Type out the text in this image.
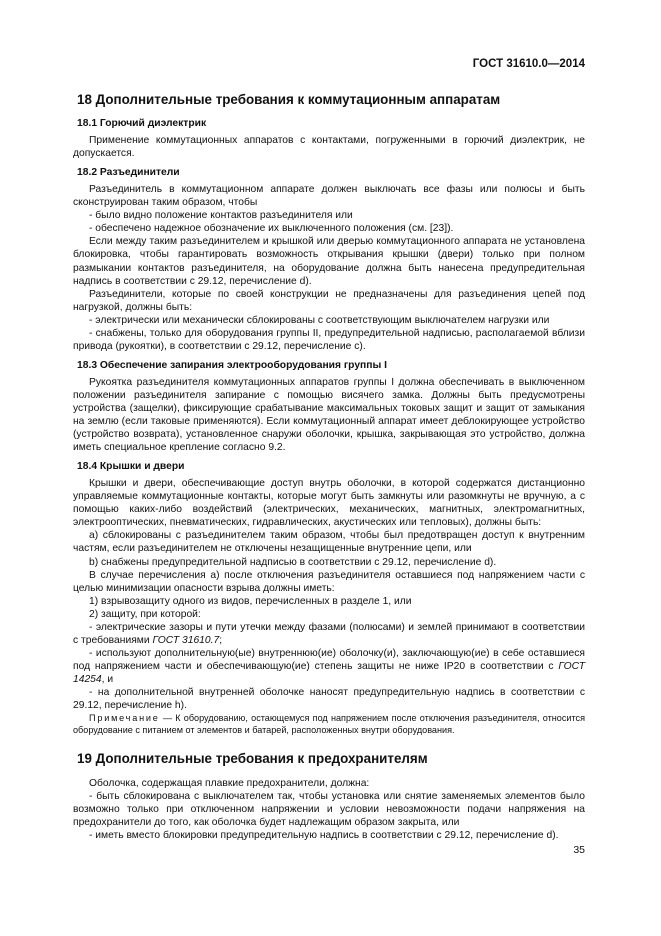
ГОСТ 31610.0—2014
18 Дополнительные требования к коммутационным аппаратам
18.1 Горючий диэлектрик

Применение коммутационных аппаратов с контактами, погруженными в горючий диэлектрик, не допускается.

18.2 Разъединители

Разъединитель в коммутационном аппарате должен выключать все фазы или полюсы и быть сконструирован таким образом, чтобы

- было видно положение контактов разъединителя или

- обеспечено надежное обозначение их выключенного положения (см. [23]).

Если между таким разъединителем и крышкой или дверью коммутационного аппарата не установлена блокировка, чтобы гарантировать возможность открывания крышки (двери) только при полном размыкании контактов разъединителя, на оборудование должна быть нанесена предупредительная надпись в соответствии с 29.12, перечисление d).

Разъединители, которые по своей конструкции не предназначены для разъединения цепей под нагрузкой, должны быть:

- электрически или механически сблокированы с соответствующим выключателем нагрузки или

- снабжены, только для оборудования группы II, предупредительной надписью, располагаемой вблизи привода (рукоятки), в соответствии с 29.12, перечисление с).

18.3 Обеспечение запирания электрооборудования группы I

Рукоятка разъединителя коммутационных аппаратов группы I должна обеспечивать в выключенном положении разъединителя запирание с помощью висячего замка. Должны быть предусмотрены устройства (защелки), фиксирующие срабатывание максимальных токовых защит и защит от замыкания на землю (если таковые применяются). Если коммутационный аппарат имеет деблокирующее устройство (устройство возврата), установленное снаружи оболочки, крышка, закрывающая это устройство, должна иметь специальное крепление согласно 9.2.

18.4 Крышки и двери

Крышки и двери, обеспечивающие доступ внутрь оболочки, в которой содержатся дистанционно управляемые коммутационные контакты, которые могут быть замкнуты или разомкнуты не вручную, а с помощью каких-либо воздействий (электрических, механических, магнитных, электромагнитных, электрооптических, пневматических, гидравлических, акустических или тепловых), должны быть:

а) сблокированы с разъединителем таким образом, чтобы был предотвращен доступ к внутренним частям, если разъединителем не отключены незащищенные внутренние цепи, или

b) снабжены предупредительной надписью в соответствии с 29.12, перечисление d).

В случае перечисления а) после отключения разъединителя оставшиеся под напряжением части с целью минимизации опасности взрыва должны иметь:

1) взрывозащиту одного из видов, перечисленных в разделе 1, или

2) защиту, при которой:

- электрические зазоры и пути утечки между фазами (полюсами) и землей принимают в соответствии с требованиями ГОСТ 31610.7;

- используют дополнительную(ые) внутреннюю(ие) оболочку(и), заключающую(ие) в себе оставшиеся под напряжением части и обеспечивающую(ие) степень защиты не ниже IP20 в соответствии с ГОСТ 14254, и

- на дополнительной внутренней оболочке наносят предупредительную надпись в соответствии с 29.12, перечисление h).

Примечание — К оборудованию, остающемуся под напряжением после отключения разъединителя, относится оборудование с питанием от элементов и батарей, расположенных внутри оборудования.

19 Дополнительные требования к предохранителям

Оболочка, содержащая плавкие предохранители, должна:

- быть сблокирована с выключателем так, чтобы установка или снятие заменяемых элементов было возможно только при отключенном напряжении и условии невозможности подачи напряжения на предохранители до того, как оболочка будет надлежащим образом закрыта, или

- иметь вместо блокировки предупредительную надпись в соответствии с 29.12, перечисление d).

35
